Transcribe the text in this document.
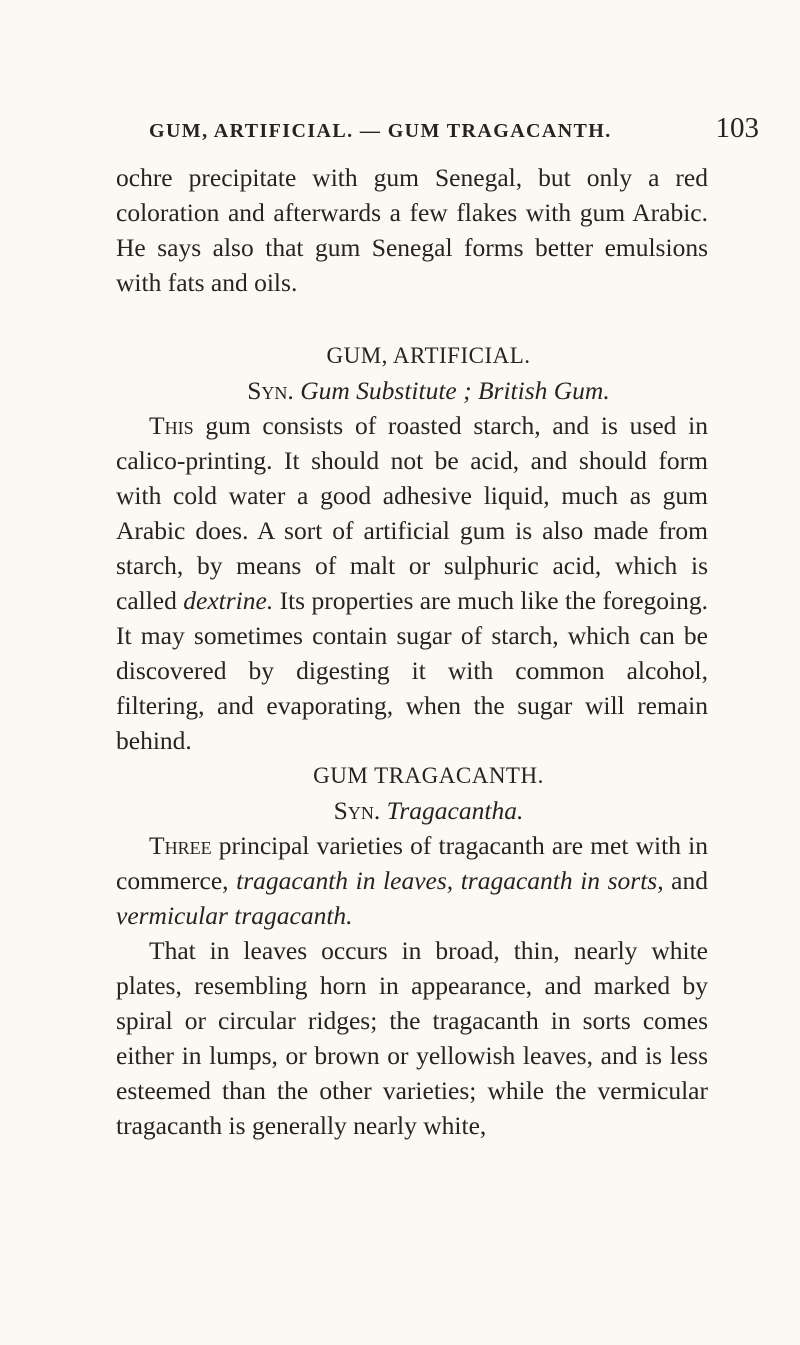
GUM, ARTIFICIAL. — GUM TRAGACANTH.	103

ochre precipitate with gum Senegal, but only a red coloration and afterwards a few flakes with gum Arabic. He says also that gum Senegal forms better emulsions with fats and oils.

GUM, ARTIFICIAL.

Syn. Gum Substitute ; British Gum.

This gum consists of roasted starch, and is used in calico-printing. It should not be acid, and should form with cold water a good adhesive liquid, much as gum Arabic does. A sort of artificial gum is also made from starch, by means of malt or sulphuric acid, which is called dextrine. Its properties are much like the foregoing. It may sometimes contain sugar of starch, which can be discovered by digesting it with common alcohol, filtering, and evaporating, when the sugar will remain behind.

GUM TRAGACANTH.

Syn. Tragacantha.

Three principal varieties of tragacanth are met with in commerce, tragacanth in leaves, tragacanth in sorts, and vermicular tragacanth.

That in leaves occurs in broad, thin, nearly white plates, resembling horn in appearance, and marked by spiral or circular ridges; the tragacanth in sorts comes either in lumps, or brown or yellowish leaves, and is less esteemed than the other varieties; while the vermicular tragacanth is generally nearly white,
